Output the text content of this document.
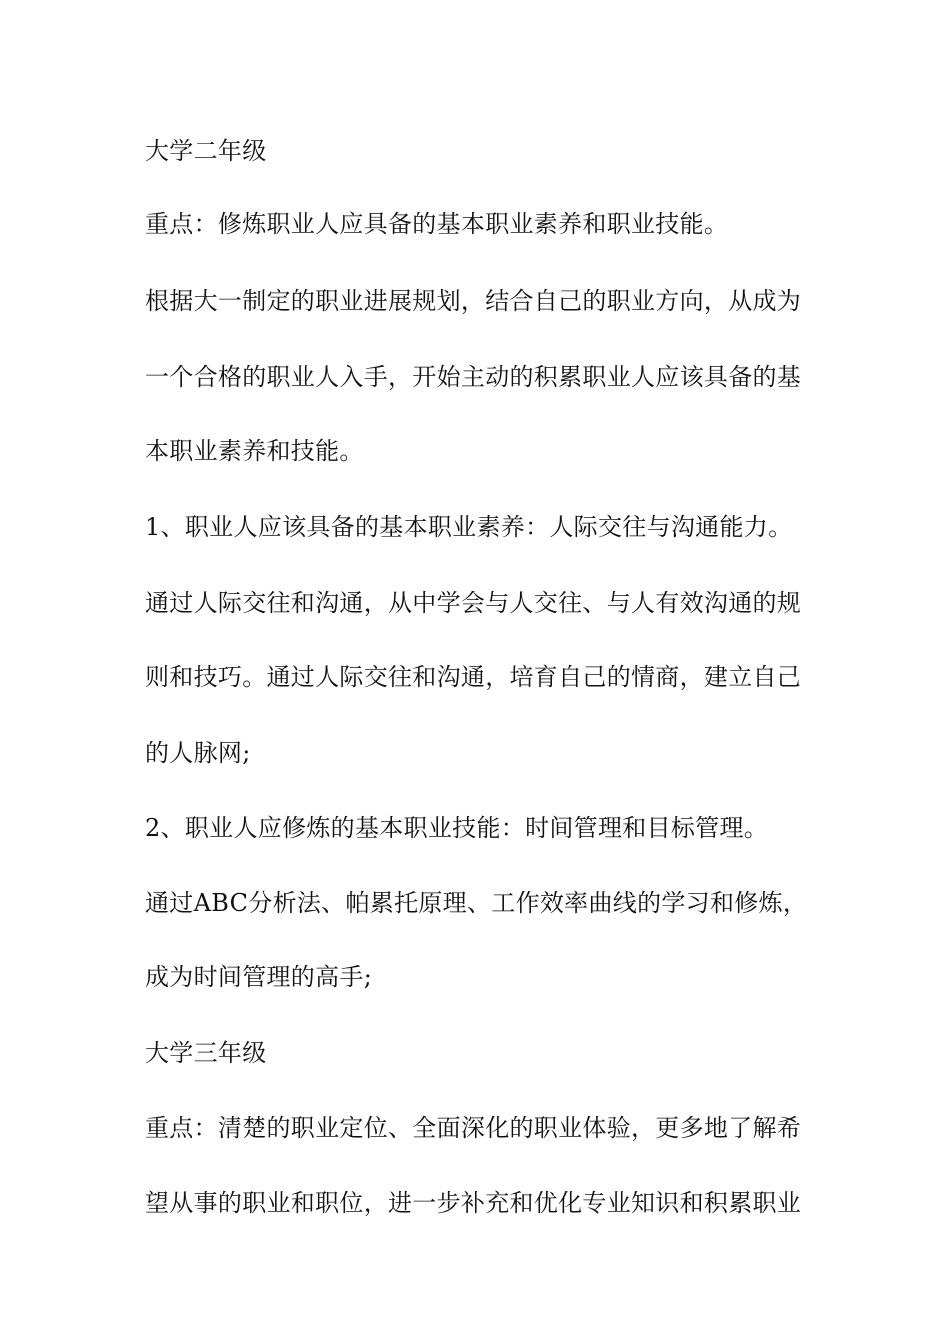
大学二年级
重点：修炼职业人应具备的基本职业素养和职业技能。
根据大一制定的职业进展规划，结合自己的职业方向，从成为
一个合格的职业人入手，开始主动的积累职业人应该具备的基
本职业素养和技能。
1、职业人应该具备的基本职业素养：人际交往与沟通能力。
通过人际交往和沟通，从中学会与人交往、与人有效沟通的规
则和技巧。通过人际交往和沟通，培育自己的情商，建立自己
的人脉网;
2、职业人应修炼的基本职业技能：时间管理和目标管理。
通过ABC分析法、帕累托原理、工作效率曲线的学习和修炼，
成为时间管理的高手;
大学三年级
重点：清楚的职业定位、全面深化的职业体验，更多地了解希
望从事的职业和职位，进一步补充和优化专业知识和积累职业
